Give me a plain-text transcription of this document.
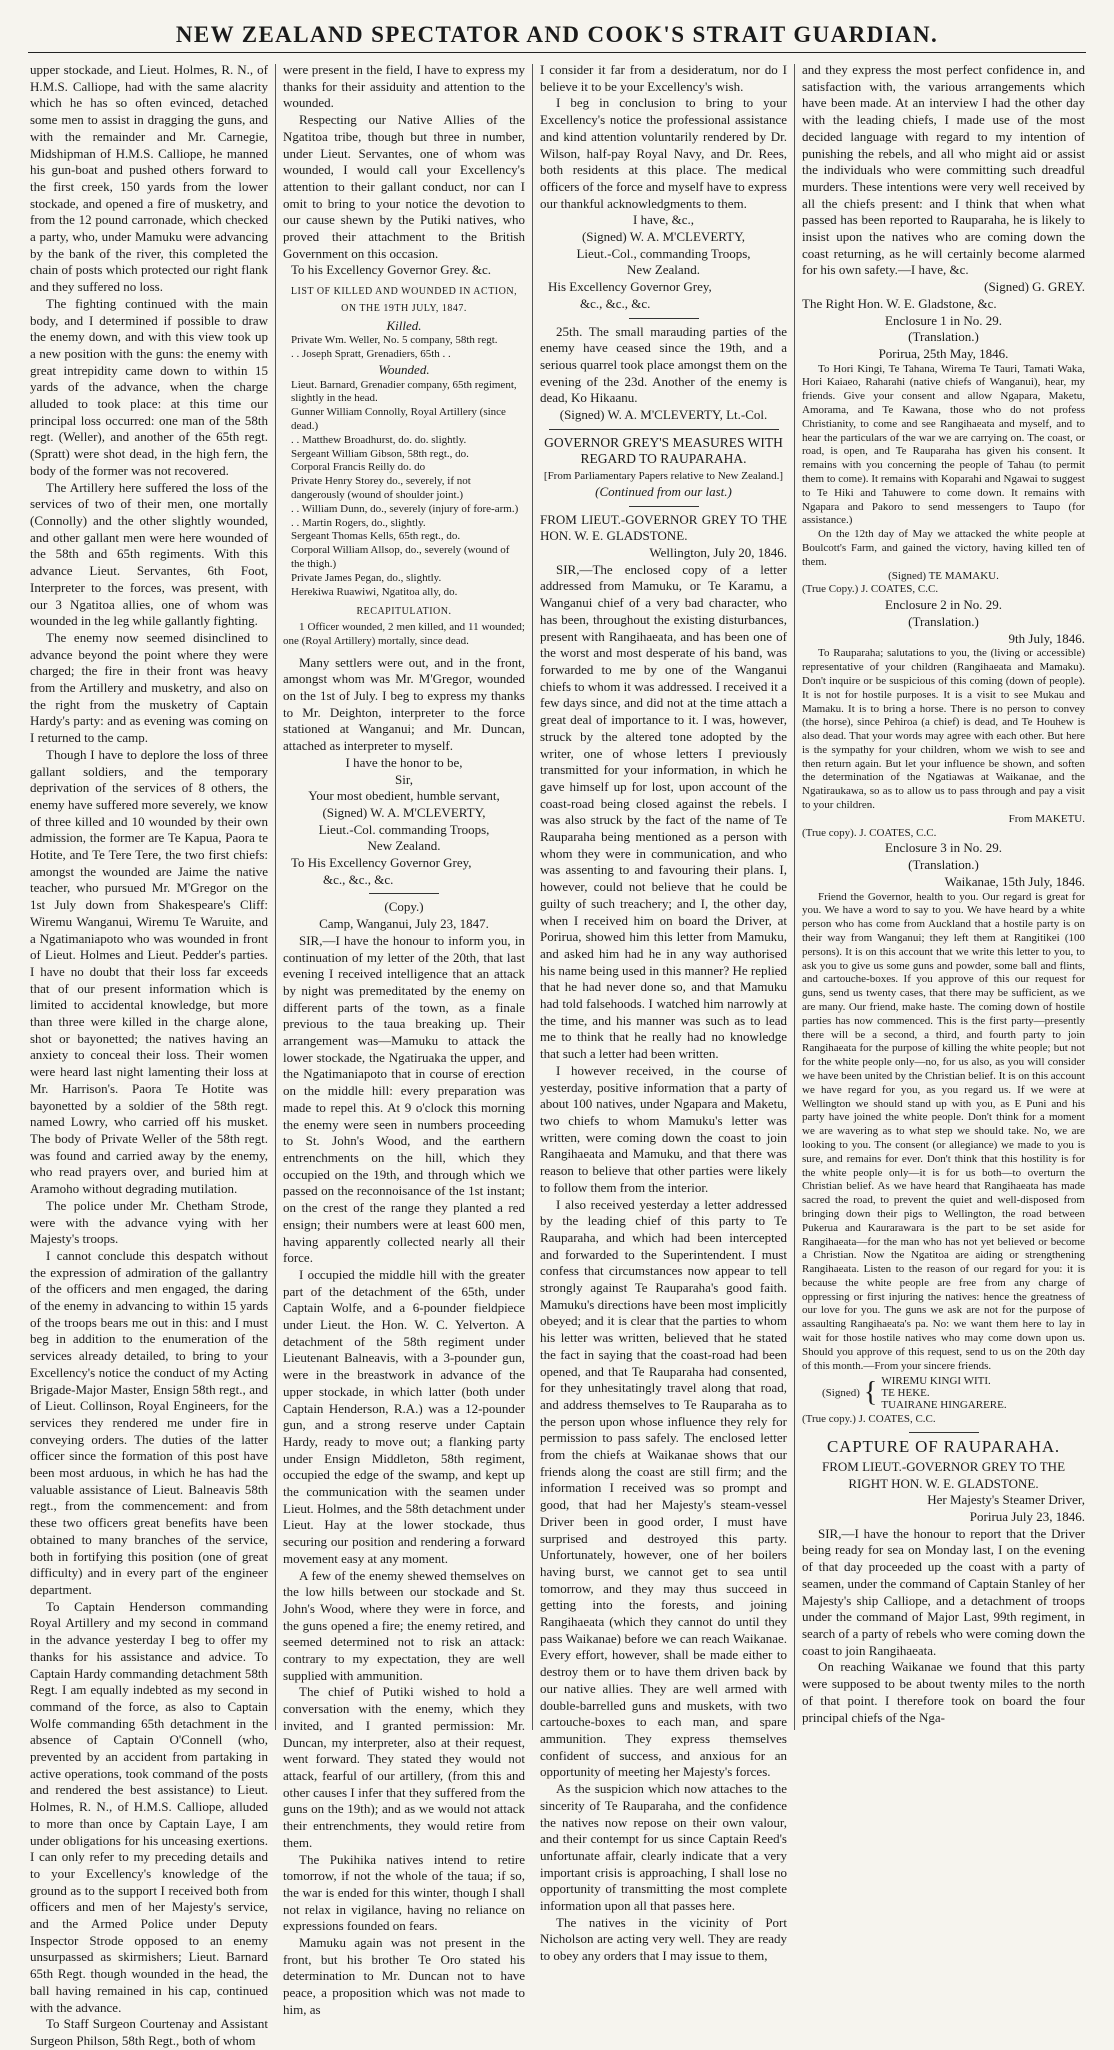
NEW ZEALAND SPECTATOR AND COOK'S STRAIT GUARDIAN.

upper stockade, and Lieut. Holmes, R. N., of H.M.S. Calliope, had with the same alacrity which he has so often evinced, detached some men to assist in dragging the guns, and with the remainder and Mr. Carnegie, Midshipman of H.M.S. Calliope, he manned his gun-boat and pushed others forward to the first creek, 150 yards from the lower stockade, and opened a fire of musketry, and from the 12 pound carronade, which checked a party, who, under Mamuku were advancing by the bank of the river, this completed the chain of posts which protected our right flank and they suffered no loss.

The fighting continued with the main body, and I determined if possible to draw the enemy down, and with this view took up a new position with the guns: the enemy with great intrepidity came down to within 15 yards of the advance, when the charge alluded to took place: at this time our principal loss occurred: one man of the 58th regt. (Weller), and another of the 65th regt. (Spratt) were shot dead, in the high fern, the body of the former was not recovered.

The Artillery here suffered the loss of the services of two of their men, one mortally (Connolly) and the other slightly wounded, and other gallant men were here wounded of the 58th and 65th regiments. With this advance Lieut. Servantes, 6th Foot, Interpreter to the forces, was present, with our 3 Ngatitoa allies, one of whom was wounded in the leg while gallantly fighting.

The enemy now seemed disinclined to advance beyond the point where they were charged; the fire in their front was heavy from the Artillery and musketry, and also on the right from the musketry of Captain Hardy's party: and as evening was coming on I returned to the camp.

Though I have to deplore the loss of three gallant soldiers, and the temporary deprivation of the services of 8 others, the enemy have suffered more severely, we know of three killed and 10 wounded by their own admission, the former are Te Kapua, Paora te Hotite, and Te Tere Tere, the two first chiefs: amongst the wounded are Jaime the native teacher, who pursued Mr. M'Gregor on the 1st July down from Shakespeare's Cliff: Wiremu Wanganui, Wiremu Te Waruite, and a Ngatimaniapoto who was wounded in front of Lieut. Holmes and Lieut. Pedder's parties. I have no doubt that their loss far exceeds that of our present information which is limited to accidental knowledge, but more than three were killed in the charge alone, shot or bayonetted; the natives having an anxiety to conceal their loss. Their women were heard last night lamenting their loss at Mr. Harrison's. Paora Te Hotite was bayonetted by a soldier of the 58th regt. named Lowry, who carried off his musket. The body of Private Weller of the 58th regt. was found and carried away by the enemy, who read prayers over, and buried him at Aramoho without degrading mutilation.

The police under Mr. Chetham Strode, were with the advance vying with her Majesty's troops.

I cannot conclude this despatch without the expression of admiration of the gallantry of the officers and men engaged, the daring of the enemy in advancing to within 15 yards of the troops bears me out in this: and I must beg in addition to the enumeration of the services already detailed, to bring to your Excellency's notice the conduct of my Acting Brigade-Major Master, Ensign 58th regt., and of Lieut. Collinson, Royal Engineers, for the services they rendered me under fire in conveying orders. The duties of the latter officer since the formation of this post have been most arduous, in which he has had the valuable assistance of Lieut. Balneavis 58th regt., from the commencement: and from these two officers great benefits have been obtained to many branches of the service, both in fortifying this position (one of great difficulty) and in every part of the engineer department.

To Captain Henderson commanding Royal Artillery and my second in command in the advance yesterday I beg to offer my thanks for his assistance and advice. To Captain Hardy commanding detachment 58th Regt. I am equally indebted as my second in command of the force, as also to Captain Wolfe commanding 65th detachment in the absence of Captain O'Connell (who, prevented by an accident from partaking in active operations, took command of the posts and rendered the best assistance) to Lieut. Holmes, R. N., of H.M.S. Calliope, alluded to more than once by Captain Laye, I am under obligations for his unceasing exertions. I can only refer to my preceding details and to your Excellency's knowledge of the ground as to the support I received both from officers and men of her Majesty's service, and the Armed Police under Deputy Inspector Strode opposed to an enemy unsurpassed as skirmishers; Lieut. Barnard 65th Regt. though wounded in the head, the ball having remained in his cap, continued with the advance.

To Staff Surgeon Courtenay and Assistant Surgeon Philson, 58th Regt., both of whom

were present in the field, I have to express my thanks for their assiduity and attention to the wounded.

Respecting our Native Allies of the Ngatitoa tribe, though but three in number, under Lieut. Servantes, one of whom was wounded, I would call your Excellency's attention to their gallant conduct, nor can I omit to bring to your notice the devotion to our cause shewn by the Putiki natives, who proved their attachment to the British Government on this occasion.

To his Excellency Governor Grey. &c.

LIST OF KILLED AND WOUNDED IN ACTION, ON THE 19TH JULY, 1847.

Killed.

Private Wm. Weller, No. 5 company, 58th regt.

. . Joseph Spratt, Grenadiers, 65th . .

Wounded.

Lieut. Barnard, Grenadier company, 65th regiment, slightly in the head.

Gunner William Connolly, Royal Artillery (since dead.)

. . Matthew Broadhurst, do. do. slightly.

Sergeant William Gibson, 58th regt., do.

Corporal Francis Reilly do. do

Private Henry Storey do., severely, if not dangerously (wound of shoulder joint.)

. . William Dunn, do., severely (injury of fore-arm.)

. . Martin Rogers, do., slightly.

Sergeant Thomas Kells, 65th regt., do.

Corporal William Allsop, do., severely (wound of the thigh.)

Private James Pegan, do., slightly.

Herekiwa Ruawiwi, Ngatitoa ally, do.

RECAPITULATION.

1 Officer wounded, 2 men killed, and 11 wounded; one (Royal Artillery) mortally, since dead.

Many settlers were out, and in the front, amongst whom was Mr. M'Gregor, wounded on the 1st of July. I beg to express my thanks to Mr. Deighton, interpreter to the force stationed at Wanganui; and Mr. Duncan, attached as interpreter to myself.

I have the honor to be,

Sir,

Your most obedient, humble servant,

(Signed) W. A. M'CLEVERTY,

Lieut.-Col. commanding Troops,

New Zealand.

To His Excellency Governor Grey,

&c., &c., &c.

(Copy.)

Camp, Wanganui, July 23, 1847.

SIR,—I have the honour to inform you, in continuation of my letter of the 20th, that last evening I received intelligence that an attack by night was premeditated by the enemy on different parts of the town, as a finale previous to the taua breaking up. Their arrangement was—Mamuku to attack the lower stockade, the Ngatiruaka the upper, and the Ngatimaniapoto that in course of erection on the middle hill: every preparation was made to repel this. At 9 o'clock this morning the enemy were seen in numbers proceeding to St. John's Wood, and the earthern entrenchments on the hill, which they occupied on the 19th, and through which we passed on the reconnoisance of the 1st instant; on the crest of the range they planted a red ensign; their numbers were at least 600 men, having apparently collected nearly all their force.

I occupied the middle hill with the greater part of the detachment of the 65th, under Captain Wolfe, and a 6-pounder fieldpiece under Lieut. the Hon. W. C. Yelverton. A detachment of the 58th regiment under Lieutenant Balneavis, with a 3-pounder gun, were in the breastwork in advance of the upper stockade, in which latter (both under Captain Henderson, R.A.) was a 12-pounder gun, and a strong reserve under Captain Hardy, ready to move out; a flanking party under Ensign Middleton, 58th regiment, occupied the edge of the swamp, and kept up the communication with the seamen under Lieut. Holmes, and the 58th detachment under Lieut. Hay at the lower stockade, thus securing our position and rendering a forward movement easy at any moment.

A few of the enemy shewed themselves on the low hills between our stockade and St. John's Wood, where they were in force, and the guns opened a fire; the enemy retired, and seemed determined not to risk an attack: contrary to my expectation, they are well supplied with ammunition.

The chief of Putiki wished to hold a conversation with the enemy, which they invited, and I granted permission: Mr. Duncan, my interpreter, also at their request, went forward. They stated they would not attack, fearful of our artillery, (from this and other causes I infer that they suffered from the guns on the 19th); and as we would not attack their entrenchments, they would retire from them.

The Pukihika natives intend to retire tomorrow, if not the whole of the taua; if so, the war is ended for this winter, though I shall not relax in vigilance, having no reliance on expressions founded on fears.

Mamuku again was not present in the front, but his brother Te Oro stated his determination to Mr. Duncan not to have peace, a proposition which was not made to him, as

I consider it far from a desideratum, nor do I believe it to be your Excellency's wish.

I beg in conclusion to bring to your Excellency's notice the professional assistance and kind attention voluntarily rendered by Dr. Wilson, half-pay Royal Navy, and Dr. Rees, both residents at this place. The medical officers of the force and myself have to express our thankful acknowledgments to them.

I have, &c.,

(Signed) W. A. M'CLEVERTY,

Lieut.-Col., commanding Troops,

New Zealand.

His Excellency Governor Grey,

&c., &c., &c.

25th. The small marauding parties of the enemy have ceased since the 19th, and a serious quarrel took place amongst them on the evening of the 23d. Another of the enemy is dead, Ko Hikaanu.

(Signed) W. A. M'CLEVERTY, Lt.-Col.

GOVERNOR GREY'S MEASURES WITH REGARD TO RAUPARAHA.

[From Parliamentary Papers relative to New Zealand.]

(Continued from our last.)

FROM LIEUT.-GOVERNOR GREY TO THE HON. W. E. GLADSTONE.

Wellington, July 20, 1846.

SIR,—The enclosed copy of a letter addressed from Mamuku, or Te Karamu, a Wanganui chief of a very bad character, who has been, throughout the existing disturbances, present with Rangihaeata, and has been one of the worst and most desperate of his band, was forwarded to me by one of the Wanganui chiefs to whom it was addressed. I received it a few days since, and did not at the time attach a great deal of importance to it. I was, however, struck by the altered tone adopted by the writer, one of whose letters I previously transmitted for your information, in which he gave himself up for lost, upon account of the coast-road being closed against the rebels. I was also struck by the fact of the name of Te Rauparaha being mentioned as a person with whom they were in communication, and who was assenting to and favouring their plans. I, however, could not believe that he could be guilty of such treachery; and I, the other day, when I received him on board the Driver, at Porirua, showed him this letter from Mamuku, and asked him had he in any way authorised his name being used in this manner? He replied that he had never done so, and that Mamuku had told falsehoods. I watched him narrowly at the time, and his manner was such as to lead me to think that he really had no knowledge that such a letter had been written.

I however received, in the course of yesterday, positive information that a party of about 100 natives, under Ngapara and Maketu, two chiefs to whom Mamuku's letter was written, were coming down the coast to join Rangihaeata and Mamuku, and that there was reason to believe that other parties were likely to follow them from the interior.

I also received yesterday a letter addressed by the leading chief of this party to Te Rauparaha, and which had been intercepted and forwarded to the Superintendent. I must confess that circumstances now appear to tell strongly against Te Rauparaha's good faith. Mamuku's directions have been most implicitly obeyed; and it is clear that the parties to whom his letter was written, believed that he stated the fact in saying that the coast-road had been opened, and that Te Rauparaha had consented, for they unhesitatingly travel along that road, and address themselves to Te Rauparaha as to the person upon whose influence they rely for permission to pass safely. The enclosed letter from the chiefs at Waikanae shows that our friends along the coast are still firm; and the information I received was so prompt and good, that had her Majesty's steam-vessel Driver been in good order, I must have surprised and destroyed this party. Unfortunately, however, one of her boilers having burst, we cannot get to sea until tomorrow, and they may thus succeed in getting into the forests, and joining Rangihaeata (which they cannot do until they pass Waikanae) before we can reach Waikanae. Every effort, however, shall be made either to destroy them or to have them driven back by our native allies. They are well armed with double-barrelled guns and muskets, with two cartouche-boxes to each man, and spare ammunition. They express themselves confident of success, and anxious for an opportunity of meeting her Majesty's forces.

As the suspicion which now attaches to the sincerity of Te Rauparaha, and the confidence the natives now repose on their own valour, and their contempt for us since Captain Reed's unfortunate affair, clearly indicate that a very important crisis is approaching, I shall lose no opportunity of transmitting the most complete information upon all that passes here.

The natives in the vicinity of Port Nicholson are acting very well. They are ready to obey any orders that I may issue to them,

and they express the most perfect confidence in, and satisfaction with, the various arrangements which have been made. At an interview I had the other day with the leading chiefs, I made use of the most decided language with regard to my intention of punishing the rebels, and all who might aid or assist the individuals who were committing such dreadful murders. These intentions were very well received by all the chiefs present: and I think that when what passed has been reported to Rauparaha, he is likely to insist upon the natives who are coming down the coast returning, as he will certainly become alarmed for his own safety.—I have, &c.

(Signed) G. GREY.

The Right Hon. W. E. Gladstone, &c.

Enclosure 1 in No. 29.

(Translation.)

Porirua, 25th May, 1846.

To Hori Kingi, Te Tahana, Wirema Te Tauri, Tamati Waka, Hori Kaiaeo, Raharahi (native chiefs of Wanganui), hear, my friends. Give your consent and allow Ngapara, Maketu, Amorama, and Te Kawana, those who do not profess Christianity, to come and see Rangihaeata and myself, and to hear the particulars of the war we are carrying on. The coast, or road, is open, and Te Rauparaha has given his consent. It remains with you concerning the people of Tahau (to permit them to come). It remains with Koparahi and Ngawai to suggest to Te Hiki and Tahuwere to come down. It remains with Ngapara and Pakoro to send messengers to Taupo (for assistance.)

On the 12th day of May we attacked the white people at Boulcott's Farm, and gained the victory, having killed ten of them.

(Signed) TE MAMAKU.

(True Copy.) J. COATES, C.C.

Enclosure 2 in No. 29.

(Translation.)

9th July, 1846.

To Rauparaha; salutations to you, the (living or accessible) representative of your children (Rangihaeata and Mamaku). Don't inquire or be suspicious of this coming (down of people). It is not for hostile purposes. It is a visit to see Mukau and Mamaku. It is to bring a horse. There is no person to convey (the horse), since Pehiroa (a chief) is dead, and Te Houhew is also dead. That your words may agree with each other. But here is the sympathy for your children, whom we wish to see and then return again. But let your influence be shown, and soften the determination of the Ngatiawas at Waikanae, and the Ngatiraukawa, so as to allow us to pass through and pay a visit to your children.

From MAKETU.

(True copy). J. COATES, C.C.

Enclosure 3 in No. 29.

(Translation.)

Waikanae, 15th July, 1846.

Friend the Governor, health to you. Our regard is great for you. We have a word to say to you. We have heard by a white person who has come from Auckland that a hostile party is on their way from Wanganui; they left them at Rangitikei (100 persons). It is on this account that we write this letter to you, to ask you to give us some guns and powder, some ball and flints, and cartouche-boxes. If you approve of this our request for guns, send us twenty cases, that there may be sufficient, as we are many. Our friend, make haste. The coming down of hostile parties has now commenced. This is the first party—presently there will be a second, a third, and fourth party to join Rangihaeata for the purpose of killing the white people; but not for the white people only—no, for us also, as you will consider we have been united by the Christian belief. It is on this account we have regard for you, as you regard us. If we were at Wellington we should stand up with you, as E Puni and his party have joined the white people. Don't think for a moment we are wavering as to what step we should take. No, we are looking to you. The consent (or allegiance) we made to you is sure, and remains for ever. Don't think that this hostility is for the white people only—it is for us both—to overturn the Christian belief. As we have heard that Rangihaeata has made sacred the road, to prevent the quiet and well-disposed from bringing down their pigs to Wellington, the road between Pukerua and Kaurarawara is the part to be set aside for Rangihaeata—for the man who has not yet believed or become a Christian. Now the Ngatitoa are aiding or strengthening Rangihaeata. Listen to the reason of our regard for you: it is because the white people are free from any charge of oppressing or first injuring the natives: hence the greatness of our love for you. The guns we ask are not for the purpose of assaulting Rangihaeata's pa. No: we want them here to lay in wait for those hostile natives who may come down upon us. Should you approve of this request, send to us on the 20th day of this month.—From your sincere friends.

(Signed) { WIREMU KINGI WITI.
TE HEKE.
TUAIRANE HINGARERE.

(True copy.) J. COATES, C.C.

CAPTURE OF RAUPARAHA.

FROM LIEUT.-GOVERNOR GREY TO THE RIGHT HON. W. E. GLADSTONE.

Her Majesty's Steamer Driver,

Porirua July 23, 1846.

SIR,—I have the honour to report that the Driver being ready for sea on Monday last, I on the evening of that day proceeded up the coast with a party of seamen, under the command of Captain Stanley of her Majesty's ship Calliope, and a detachment of troops under the command of Major Last, 99th regiment, in search of a party of rebels who were coming down the coast to join Rangihaeata.

On reaching Waikanae we found that this party were supposed to be about twenty miles to the north of that point. I therefore took on board the four principal chiefs of the Nga-
